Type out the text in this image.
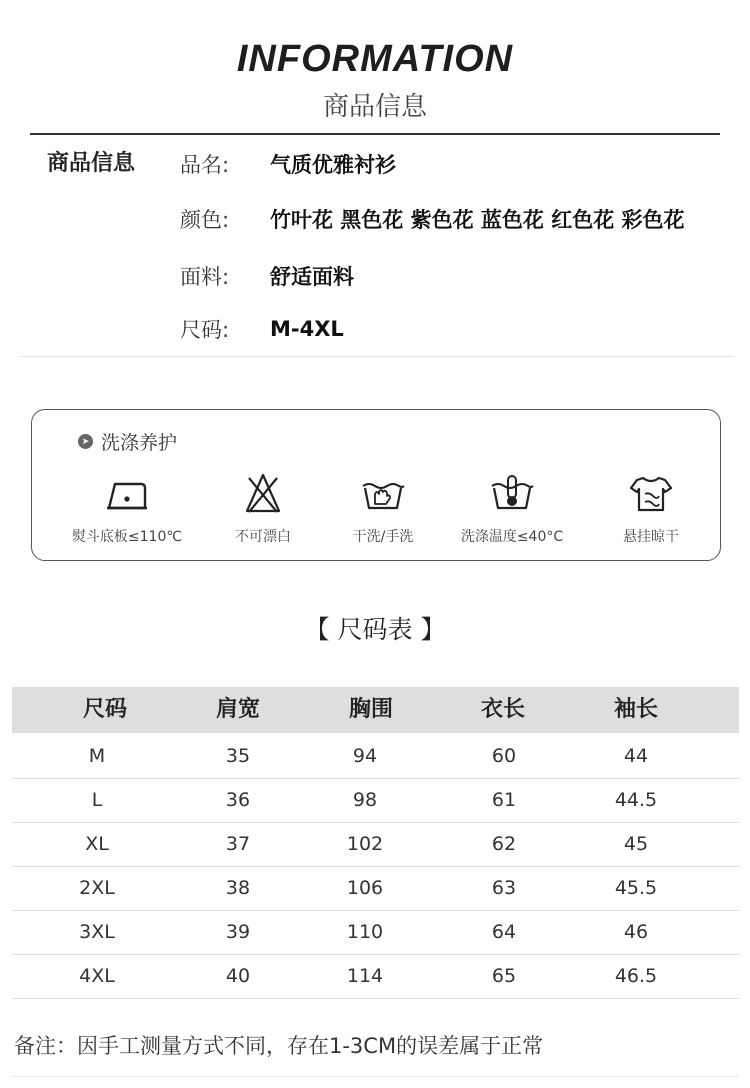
INFORMATION
商品信息
商品信息 品名:	气质优雅衬衫
颜色:	竹叶花 黑色花 紫色花 蓝色花 红色花 彩色花
面料:	舒适面料
尺码:	M-4XL
➤ 洗涤养护
熨斗底板≤110℃	不可漂白	干洗/手洗	洗涤温度≤40°C	悬挂晾干
【 尺码表 】
尺码	肩宽	胸围	衣长	袖长
M	35	94	60	44
L	36	98	61	44.5
XL	37	102	62	45
2XL	38	106	63	45.5
3XL	39	110	64	46
4XL	40	114	65	46.5
备注：因手工测量方式不同，存在1-3CM的误差属于正常
